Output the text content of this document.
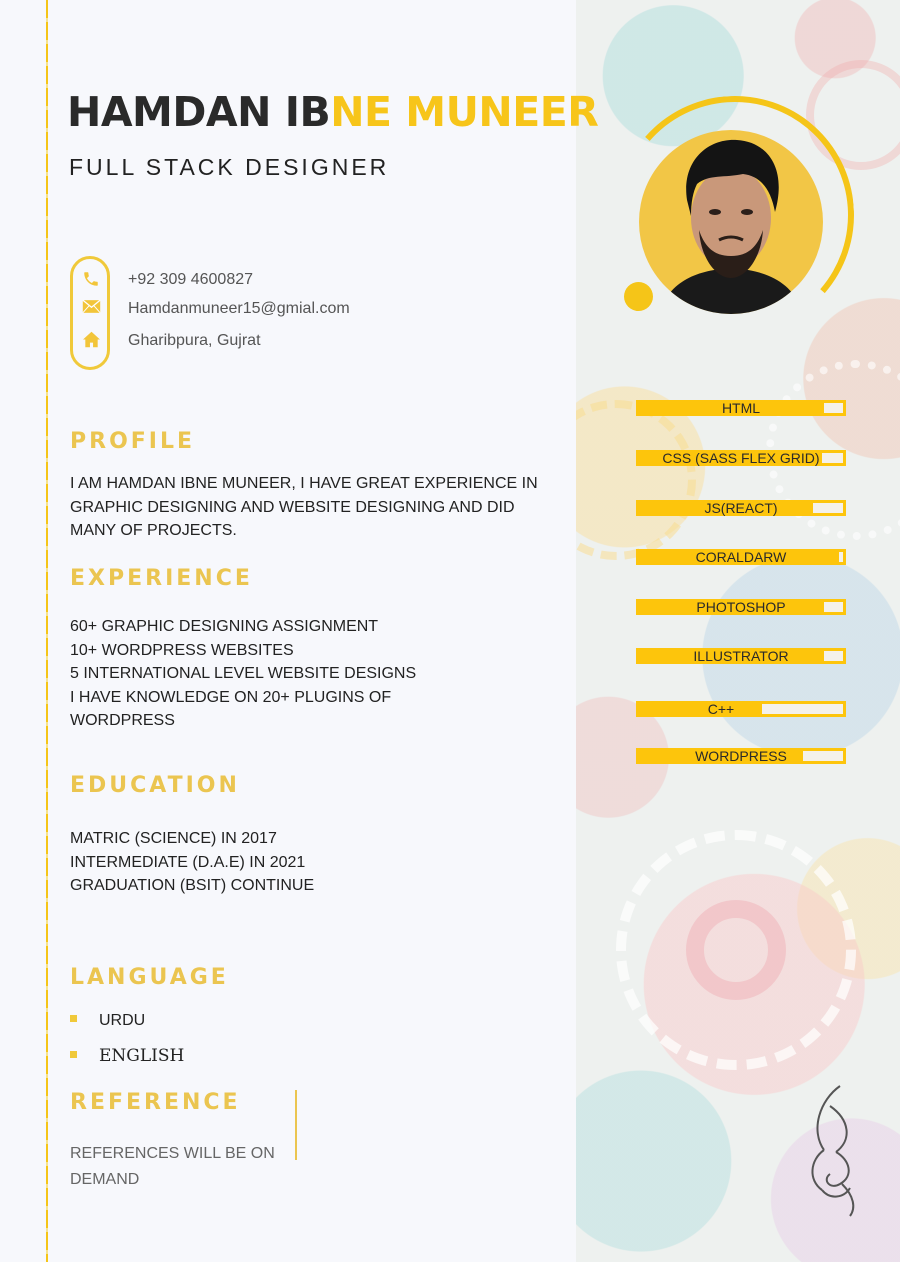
HAMDAN IBNE MUNEER
FULL STACK DESIGNER
+92 309 4600827
Hamdanmuneer15@gmial.com
Gharibpura, Gujrat
PROFILE
I AM HAMDAN IBNE MUNEER, I HAVE GREAT EXPERIENCE IN
GRAPHIC DESIGNING AND WEBSITE DESIGNING AND DID
MANY OF PROJECTS.
EXPERIENCE
60+ GRAPHIC DESIGNING ASSIGNMENT
10+ WORDPRESS WEBSITES
5 INTERNATIONAL LEVEL WEBSITE DESIGNS
I HAVE KNOWLEDGE ON 20+ PLUGINS OF
WORDPRESS
EDUCATION
MATRIC (SCIENCE) IN 2017
INTERMEDIATE (D.A.E) IN 2021
GRADUATION (BSIT) CONTINUE
LANGUAGE
URDU
ENGLISH
REFERENCE
REFERENCES WILL BE ON
DEMAND
HTML
CSS (SASS FLEX GRID)
JS(REACT)
CORALDARW
PHOTOSHOP
ILLUSTRATOR
C++
WORDPRESS
